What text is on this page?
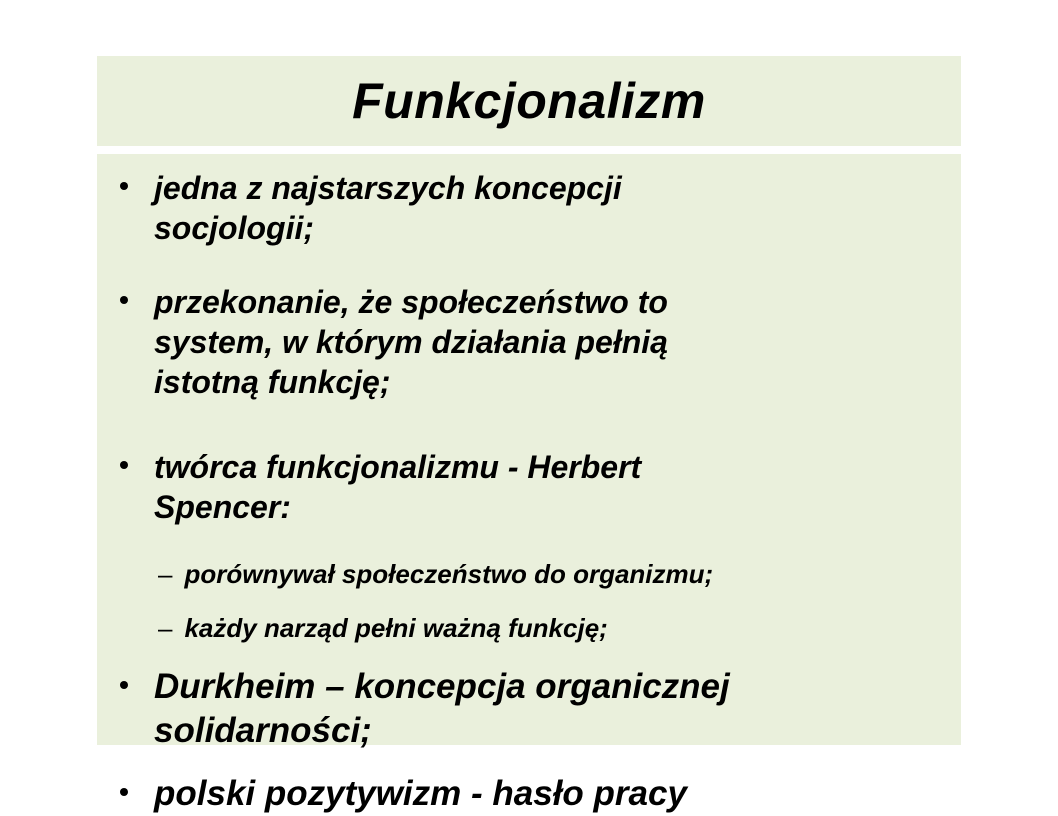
Funkcjonalizm
jedna z najstarszych koncepcji
socjologii;
przekonanie, że społeczeństwo to
system, w którym działania pełnią
istotną funkcję;
twórca funkcjonalizmu - Herbert
Spencer:
– porównywał społeczeństwo do organizmu;
– każdy narząd pełni ważną funkcję;
Durkheim – koncepcja organicznej
solidarności;
polski pozytywizm - hasło pracy
